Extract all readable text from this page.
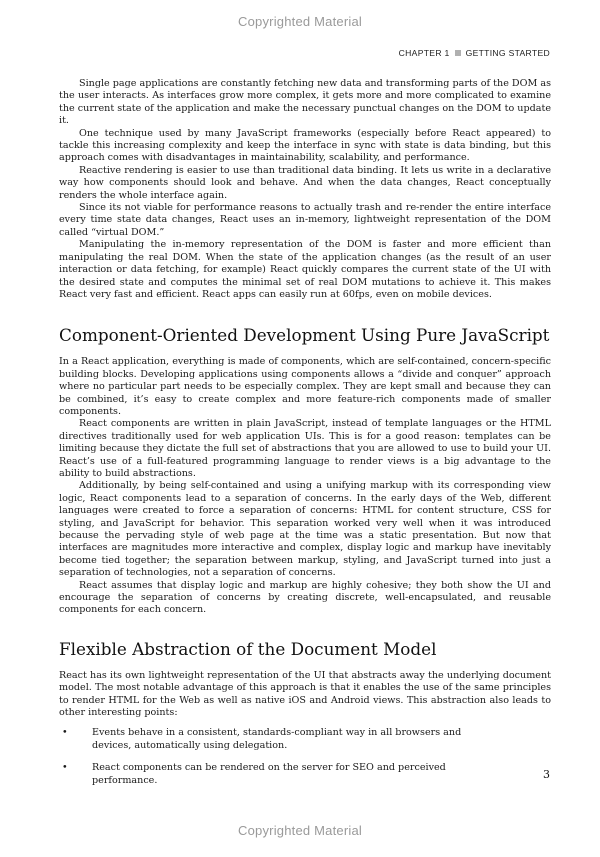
Copyrighted Material
CHAPTER 1 GETTING STARTED

Single page applications are constantly fetching new data and transforming parts of the DOM as the user interacts. As interfaces grow more complex, it gets more and more complicated to examine the current state of the application and make the necessary punctual changes on the DOM to update it.

One technique used by many JavaScript frameworks (especially before React appeared) to tackle this increasing complexity and keep the interface in sync with state is data binding, but this approach comes with disadvantages in maintainability, scalability, and performance.

Reactive rendering is easier to use than traditional data binding. It lets us write in a declarative way how components should look and behave. And when the data changes, React conceptually renders the whole interface again.

Since its not viable for performance reasons to actually trash and re-render the entire interface every time state data changes, React uses an in-memory, lightweight representation of the DOM called “virtual DOM.”

Manipulating the in-memory representation of the DOM is faster and more efficient than manipulating the real DOM. When the state of the application changes (as the result of an user interaction or data fetching, for example) React quickly compares the current state of the UI with the desired state and computes the minimal set of real DOM mutations to achieve it. This makes React very fast and efficient. React apps can easily run at 60fps, even on mobile devices.

Component-Oriented Development Using Pure JavaScript

In a React application, everything is made of components, which are self-contained, concern-specific building blocks. Developing applications using components allows a “divide and conquer” approach where no particular part needs to be especially complex. They are kept small and because they can be combined, it’s easy to create complex and more feature-rich components made of smaller components.

React components are written in plain JavaScript, instead of template languages or the HTML directives traditionally used for web application UIs. This is for a good reason: templates can be limiting because they dictate the full set of abstractions that you are allowed to use to build your UI. React’s use of a full-featured programming language to render views is a big advantage to the ability to build abstractions.

Additionally, by being self-contained and using a unifying markup with its corresponding view logic, React components lead to a separation of concerns. In the early days of the Web, different languages were created to force a separation of concerns: HTML for content structure, CSS for styling, and JavaScript for behavior. This separation worked very well when it was introduced because the pervading style of web page at the time was a static presentation. But now that interfaces are magnitudes more interactive and complex, display logic and markup have inevitably become tied together; the separation between markup, styling, and JavaScript turned into just a separation of technologies, not a separation of concerns.

React assumes that display logic and markup are highly cohesive; they both show the UI and encourage the separation of concerns by creating discrete, well-encapsulated, and reusable components for each concern.

Flexible Abstraction of the Document Model

React has its own lightweight representation of the UI that abstracts away the underlying document model. The most notable advantage of this approach is that it enables the use of the same principles to render HTML for the Web as well as native iOS and Android views. This abstraction also leads to other interesting points:

•	Events behave in a consistent, standards-compliant way in all browsers and devices, automatically using delegation.
•	React components can be rendered on the server for SEO and perceived performance.	3
Copyrighted Material
